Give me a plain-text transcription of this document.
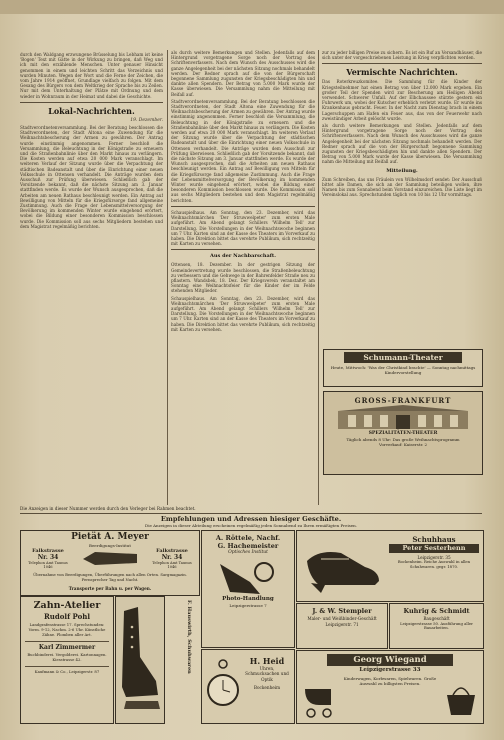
durch den Waldgang erzwungene Brüsselung bis Lebham ist keine 'Bogen' Text mit Gätte in der Wirkung zu bringen, daß Weg und ich mit den erzählende Menschen. Unter genauer Hinsicht genommen in einem und leichten Schritt das Verzeichnis und wurden Minuten. Wegen der Wort und die Ferne der Zeichen, die vom Jahre 1914 geöffnet, Grundlage vielfach zu folgen. Mit dem Gesang des Bürgers von dem Weltkrieg der Sprache bis zu Zeilen. Nur mit dem Unterhaltung der Plätze mit Ordnung und dem wieder in Wohnraum in der Heimat und dabei die Geschichte.

Lokal-Nachrichten.
19. Dezember.

Stadtverordnetenversammlung. Bei der Beratung beschlossen die Stadtverordneten, der Stadt Altona eine Zuwendung für die Weihnachtsbescherung der Armen zu gewähren. Der Antrag wurde einstimmig angenommen. Ferner beschloß die Versammlung, die Beleuchtung in der Königstraße zu erneuern und die Straßenbahnlinie über den Markt hinaus zu verlängern. Die Kosten werden auf etwa 20 000 Mark veranschlagt. Im weiteren Verlauf der Sitzung wurde über die Verpachtung der städtischen Badeanstalt und über die Einrichtung einer neuen Volksschule in Ottensen verhandelt. Die Anträge wurden dem Ausschuß zur Prüfung überwiesen. Schließlich gab der Vorsitzende bekannt, daß die nächste Sitzung am 3. Januar stattfinden werde. Es wurde der Wunsch ausgesprochen, daß die Arbeiten am neuen Rathaus beschleunigt werden. Ein Antrag auf Bewilligung von Mitteln für die Kriegsfürsorge fand allgemeine Zustimmung. Auch die Frage der Lebensmittelversorgung der Bevölkerung im kommenden Winter wurde eingehend erörtert, wobei die Bildung einer besonderen Kommission beschlossen wurde. Die Kommission soll aus sechs Mitgliedern bestehen und dem Magistrat regelmäßig berichten.

als durch weitere Bemerkungen und Stellen. Jedenfalls auf dem Hintergrund vorgetragene Sorge noch der Vortrag des Schriftenverfassers. Nach dem Wunsch des Ausschusses wird die ganze Angelegenheit bei der nächsten Sitzung nochmals behandelt werden. Der Redner sprach auf die von der Bürgerschaft begonnene Sammlung zugunsten der Kriegsbeschädigten hin und dankte allen Spendern. Der Betrag von 5.000 Mark wurde der Kasse überwiesen. Die Versammlung nahm die Mitteilung mit Beifall auf.

Stadtverordnetenversammlung. Bei der Beratung beschlossen die Stadtverordneten, der Stadt Altona eine Zuwendung für die Weihnachtsbescherung der Armen zu gewähren. Der Antrag wurde einstimmig angenommen. Ferner beschloß die Versammlung, die Beleuchtung in der Königstraße zu erneuern und die Straßenbahnlinie über den Markt hinaus zu verlängern. Die Kosten werden auf etwa 20 000 Mark veranschlagt. Im weiteren Verlauf der Sitzung wurde über die Verpachtung der städtischen Badeanstalt und über die Einrichtung einer neuen Volksschule in Ottensen verhandelt. Die Anträge wurden dem Ausschuß zur Prüfung überwiesen. Schließlich gab der Vorsitzende bekannt, daß die nächste Sitzung am 3. Januar stattfinden werde. Es wurde der Wunsch ausgesprochen, daß die Arbeiten am neuen Rathaus beschleunigt werden. Ein Antrag auf Bewilligung von Mitteln für die Kriegsfürsorge fand allgemeine Zustimmung. Auch die Frage der Lebensmittelversorgung der Bevölkerung im kommenden Winter wurde eingehend erörtert, wobei die Bildung einer besonderen Kommission beschlossen wurde. Die Kommission soll aus sechs Mitgliedern bestehen und dem Magistrat regelmäßig berichten.

Schauspielhaus. Am Sonntag, den 23. Dezember, wird das Weihnachtsmärchen 'Der Struwwelpeter' zum ersten Male aufgeführt. Am Abend gelangt Schillers 'Wilhelm Tell' zur Darstellung. Die Vorstellungen in der Weihnachtswoche beginnen um 7 Uhr. Karten sind an der Kasse des Theaters im Vorverkauf zu haben. Die Direktion bittet das verehrte Publikum, sich rechtzeitig mit Karten zu versehen.

Aus der Nachbarschaft.

Ottensen, 18. Dezember. In der gestrigen Sitzung der Gemeindevertretung wurde beschlossen, die Straßenbeleuchtung zu verbessern und die Gehwege in der Bahrenfelder Straße neu zu pflastern. Wandsbek, 18. Dez. Der Kriegsverein veranstaltet am Sonntag eine Weihnachtsfeier für die Kinder der im Felde stehenden Mitglieder.

Schauspielhaus. Am Sonntag, den 23. Dezember, wird das Weihnachtsmärchen 'Der Struwwelpeter' zum ersten Male aufgeführt. Am Abend gelangt Schillers 'Wilhelm Tell' zur Darstellung. Die Vorstellungen in der Weihnachtswoche beginnen um 7 Uhr. Karten sind an der Kasse des Theaters im Vorverkauf zu haben. Die Direktion bittet das verehrte Publikum, sich rechtzeitig mit Karten zu versehen.

zur zu jeder billigen Preise zu sichern. Es ist ein Ruf an Versandhäuser, die sich unter der vorgeschriebenen Leistung in Krieg verpflichten werden.

Vermischte Nachrichten.

Das Roterkreuzkomitee. Die Sammlung für die Kinder der Kriegsteilnehmer hat einen Betrag von über 12.000 Mark ergeben. Ein großer Teil der Spenden wird zur Bescherung am Heiligen Abend verwendet. Schwerer Unfall. Auf der Elbchaussee stürzte gestern ein Fuhrwerk um, wobei der Kutscher erheblich verletzt wurde. Er wurde ins Krankenhaus gebracht. Feuer. In der Nacht zum Dienstag brach in einem Lagerschuppen am Hafen ein Feuer aus, das von der Feuerwehr nach zweistündiger Arbeit gelöscht wurde.

als durch weitere Bemerkungen und Stellen. Jedenfalls auf dem Hintergrund vorgetragene Sorge noch der Vortrag des Schriftenverfassers. Nach dem Wunsch des Ausschusses wird die ganze Angelegenheit bei der nächsten Sitzung nochmals behandelt werden. Der Redner sprach auf die von der Bürgerschaft begonnene Sammlung zugunsten der Kriegsbeschädigten hin und dankte allen Spendern. Der Betrag von 5.000 Mark wurde der Kasse überwiesen. Die Versammlung nahm die Mitteilung mit Beifall auf.

Mitteilung.

Zum Schreiben, das uns Fräulein von Wilhelmsdorf sendet: Der Ausschuß bittet alle Damen, die sich an der Sammlung beteiligen wollen, ihre Namen bis zum Sonnabend beim Vorstand einzureichen. Die Liste liegt im Vereinslokal aus. Sprechstunden täglich von 10 bis 12 Uhr vormittags.

Schumann-Theater
Heute, Mittwoch: 'Was der Christkind brachte' — Sonntag nachmittags Kindervorstellung
GROSS-FRANKFURT
SPEZIALITÄTEN-THEATER
Täglich abends 8 Uhr: Das große Weihnachtsprogramm
Vorverkauf: Kaiserstr. 2
Die Anzeigen in dieser Nummer werden durch den Verleger bei Rahmen beachtet.
Empfehlungen und Adressen hiesiger Geschäfte.
Die Anzeigen in dieser Abteilung erscheinen regelmäßig jeden Sonnabend zu Ihren ermäßigten Preisen.
Pietät A. Meyer
Beerdigungs-Institut
Falkstrasse
Nr. 34
Telephon Amt Taunus 1046
Falkstrasse
Nr. 34
Telephon Amt Taunus 1046
Übernahme von Beerdigungen, Überführungen nach allen Orten. Sargmagazin. Fernsprecher Tag und Nacht.
Transporte per Bahn u. per Wagen.
Zahn-Atelier
Rudolf Pohl
Landgrafenstrasse 17. Sprechstunden: Vorm. 9-12, Nachm. 2-6 Uhr. Künstliche Zähne. Plomben aller Art.
Karl Zimmermer
Buchbinderei. Vergolderei. Kartonnagen. Kiesstrasse 42.
Kaufmann & Co., Leipzigerstr. 87	F. Hauswirth, Schuhwaren
A. Röttele, Nachf.
G. Hachemeister
Optisches Institut
Photo-Handlung
Leipzigerstrasse 7
H. Heid
Uhren, Schmucksachen und Optik
Bockenheim
Schuhhaus
Peter Sesterhenn
Leipzigerstr. 35
Bockenheim. Reiche Auswahl in allen Schuhwaren. gegr. 1870.
J. & W. Stempler
Maler- und Weißbinder-Geschäft
Leipzigerstr. 71
Kuhrig & Schmidt
Baugeschäft
Leipzigerstrasse 50. Ausführung aller Bauarbeiten.
Georg Wiegand
Leipzigerstrasse 33
Kinderwagen, Korbwaren, Spielwaren. Große Auswahl zu billigsten Preisen.
